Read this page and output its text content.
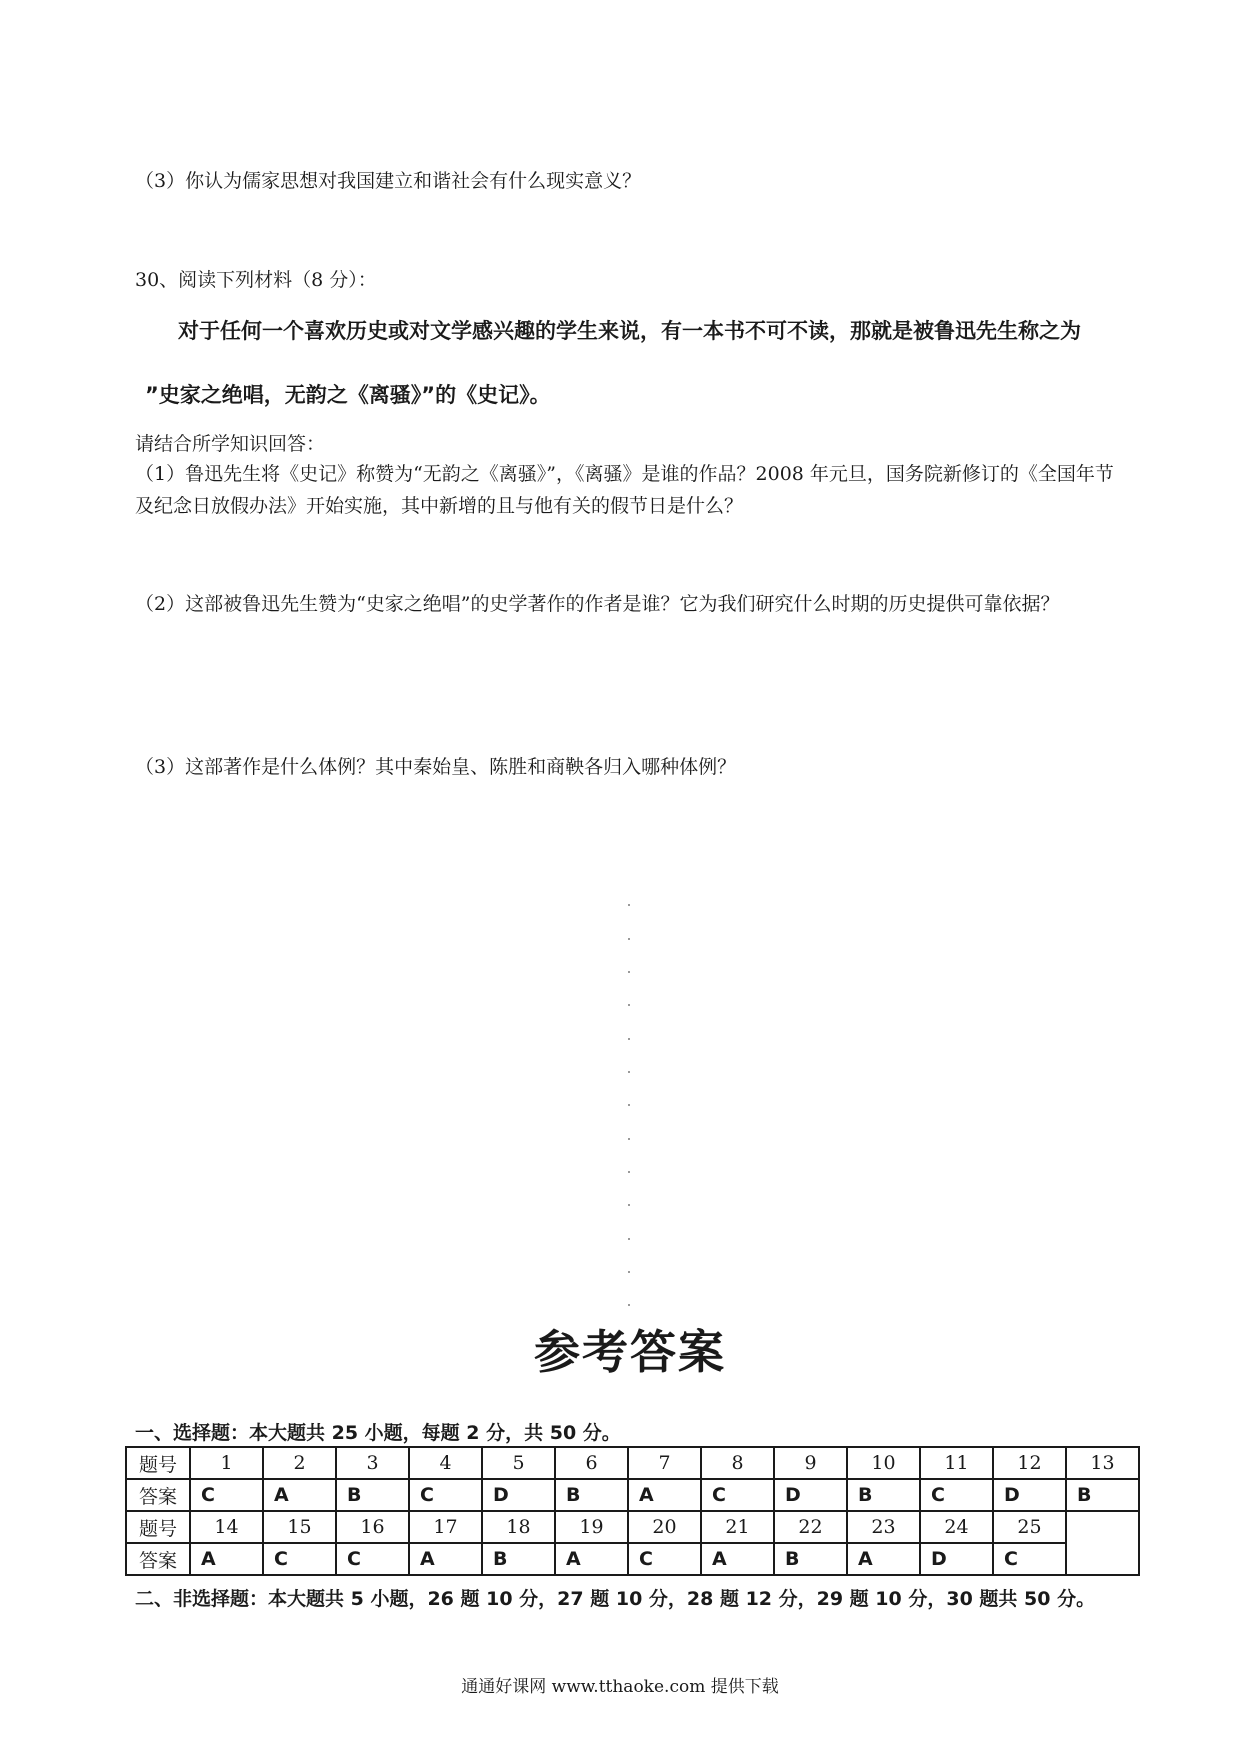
（3）你认为儒家思想对我国建立和谐社会有什么现实意义？
30、阅读下列材料（8 分）：
对于任何一个喜欢历史或对文学感兴趣的学生来说，有一本书不可不读，那就是被鲁迅先生称之为
”史家之绝唱，无韵之《离骚》”的《史记》。
请结合所学知识回答：
（1）鲁迅先生将《史记》称赞为“无韵之《离骚》”，《离骚》是谁的作品？2008 年元旦，国务院新修订的《全国年节及纪念日放假办法》开始实施，其中新增的且与他有关的假节日是什么？
（2）这部被鲁迅先生赞为“史家之绝唱”的史学著作的作者是谁？它为我们研究什么时期的历史提供可靠依据？
（3）这部著作是什么体例？其中秦始皇、陈胜和商鞅各归入哪种体例？
参考答案
一、选择题：本大题共 25 小题，每题 2 分，共 50 分。
题号	1	2	3	4	5	6	7	8	9	10	11	12	13
答案	C	A	B	C	D	B	A	C	D	B	C	D	B
题号	14	15	16	17	18	19	20	21	22	23	24	25	
答案	A	C	C	A	B	A	C	A	B	A	D	C	
二、非选择题：本大题共 5 小题，26 题 10 分，27 题 10 分，28 题 12 分，29 题 10 分，30 题共 50 分。
通通好课网 www.tthaoke.com 提供下载
